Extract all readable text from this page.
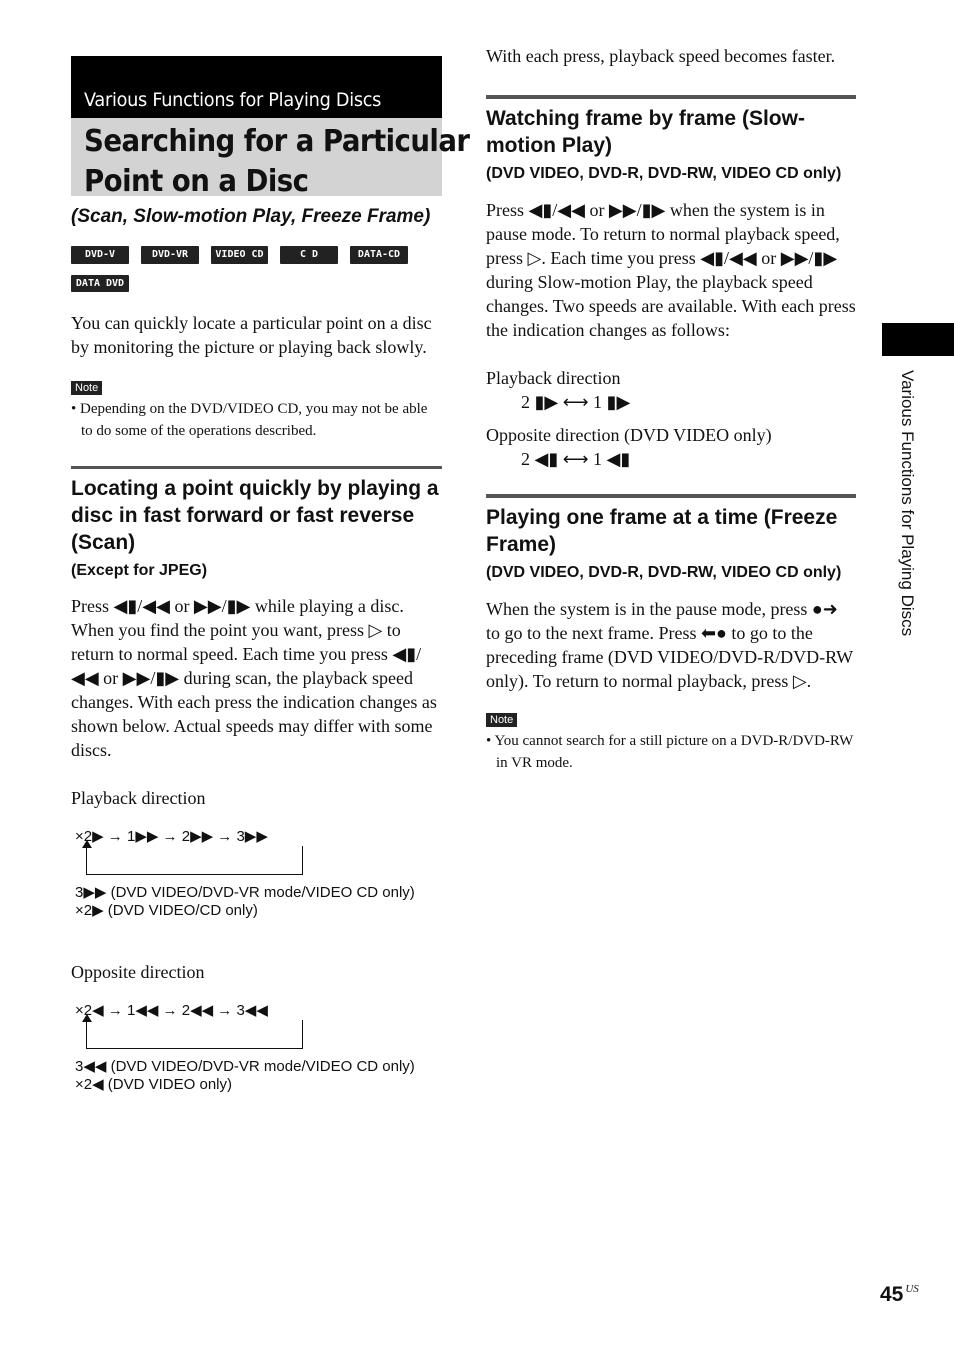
Various Functions for Playing Discs
Searching for a Particular
Point on a Disc
(Scan, Slow-motion Play, Freeze Frame)
DVD-V	DVD-VR	VIDEO CD	C D	DATA-CD
DATA DVD
You can quickly locate a particular point on a disc by monitoring the picture or playing back slowly.
Note
• Depending on the DVD/VIDEO CD, you may not be able to do some of the operations described.
Locating a point quickly by playing a disc in fast forward or fast reverse (Scan)
(Except for JPEG)
Press ◀▮/◀◀ or ▶▶/▮▶ while playing a disc. When you find the point you want, press ▷ to return to normal speed. Each time you press ◀▮/◀◀ or ▶▶/▮▶ during scan, the playback speed changes. With each press the indication changes as shown below. Actual speeds may differ with some discs.
Playback direction
×2▶ → 1▶▶ → 2▶▶ → 3▶▶
3▶▶ (DVD VIDEO/DVD-VR mode/VIDEO CD only)
×2▶ (DVD VIDEO/CD only)
Opposite direction
×2◀ → 1◀◀ → 2◀◀ → 3◀◀
3◀◀ (DVD VIDEO/DVD-VR mode/VIDEO CD only)
×2◀ (DVD VIDEO only)
With each press, playback speed becomes faster.
Watching frame by frame (Slow-motion Play)
(DVD VIDEO, DVD-R, DVD-RW, VIDEO CD only)
Press ◀▮/◀◀ or ▶▶/▮▶ when the system is in pause mode. To return to normal playback speed, press ▷. Each time you press ◀▮/◀◀ or ▶▶/▮▶ during Slow-motion Play, the playback speed changes. Two speeds are available. With each press the indication changes as follows:
Playback direction
2 ▮▶ ⟷ 1 ▮▶
Opposite direction (DVD VIDEO only)
2 ◀▮ ⟷ 1 ◀▮
Playing one frame at a time (Freeze Frame)
(DVD VIDEO, DVD-R, DVD-RW, VIDEO CD only)
When the system is in the pause mode, press ●➜ to go to the next frame. Press ⬅● to go to the preceding frame (DVD VIDEO/DVD-R/DVD-RW only). To return to normal playback, press ▷.
Note
• You cannot search for a still picture on a DVD-R/DVD-RW in VR mode.
Various Functions for Playing Discs
45 $^{US}$
